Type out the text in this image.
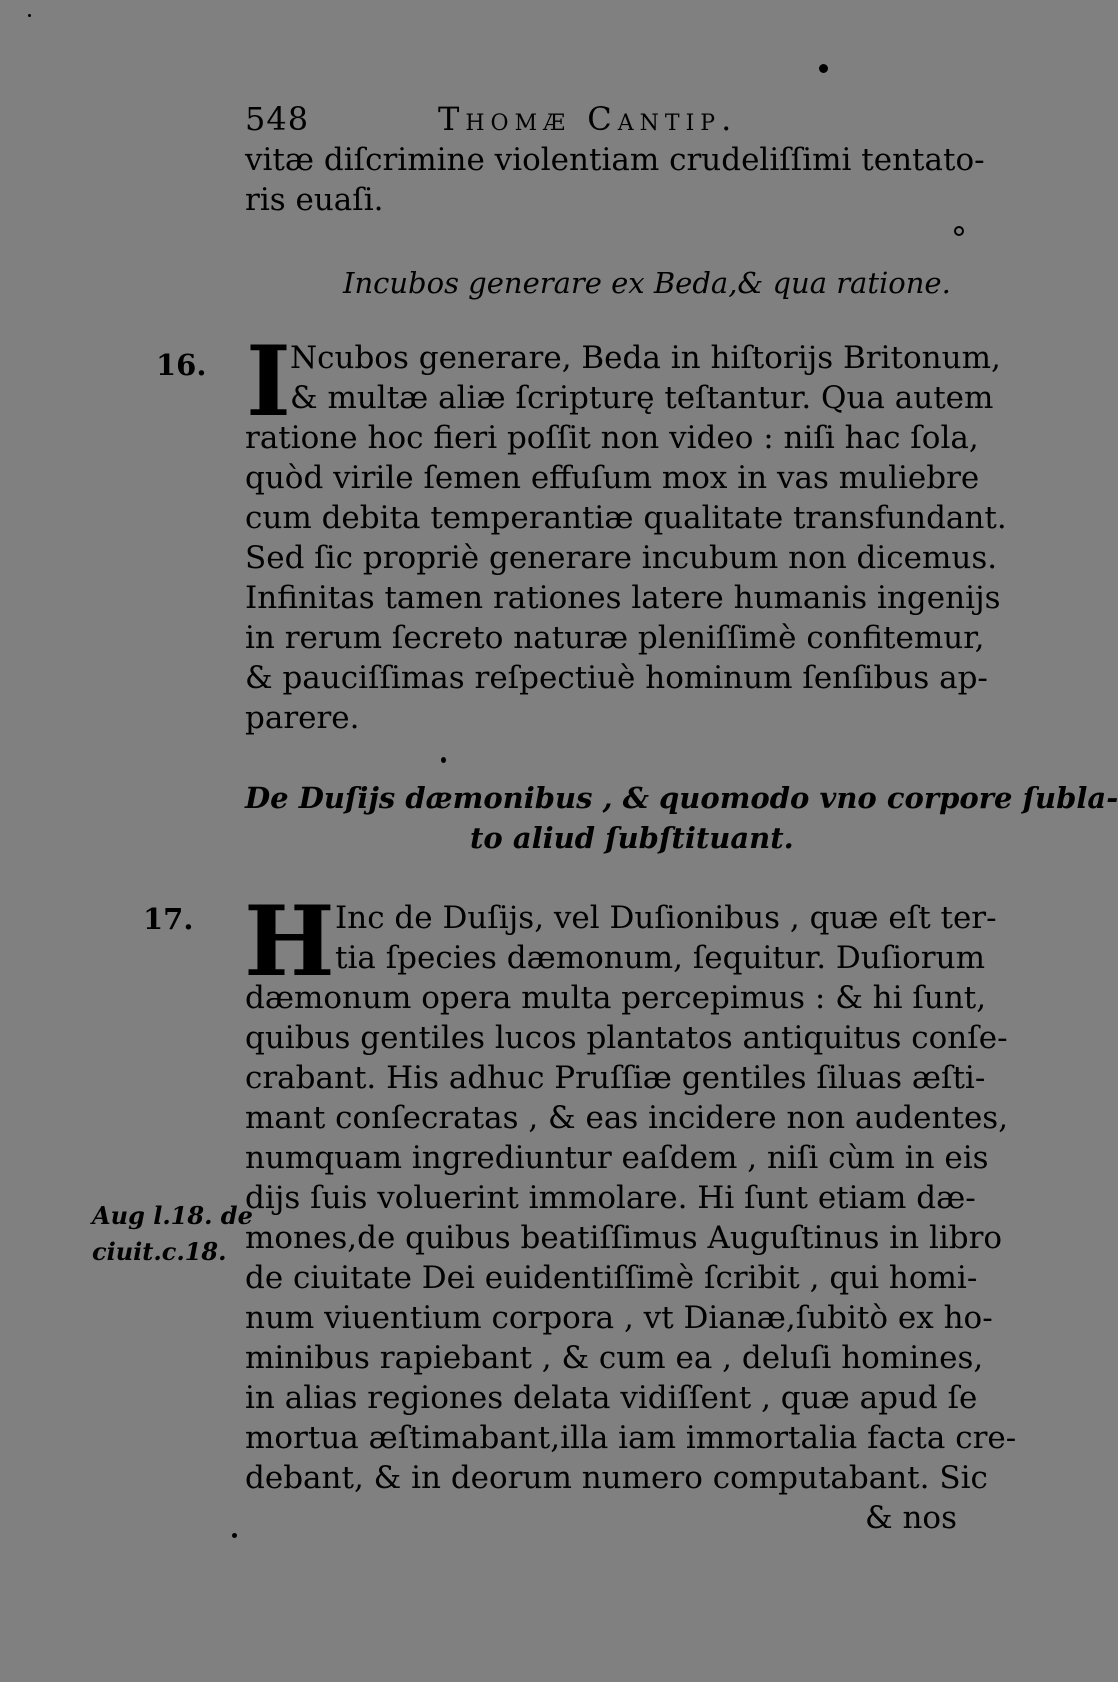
548	Thomæ Cantip.
vitæ diſcrimine violentiam crudeliſſimi tentato-
ris euaſi.
Incubos generare ex Beda,& qua ratione.
16. I Ncubos generare, Beda in hiſtorijs Britonum,
& multæ aliæ ſcripturę teſtantur. Qua autem
ratione hoc fieri poſſit non video : niſi hac ſola,
quòd virile ſemen effuſum mox in vas muliebre
cum debita temperantiæ qualitate transfundant.
Sed ſic propriè generare incubum non dicemus.
Infinitas tamen rationes latere humanis ingenijs
in rerum ſecreto naturæ pleniſſimè confitemur,
& pauciſſimas reſpectiuè hominum ſenſibus ap-
parere.
De Duſijs dæmonibus , & quomodo vno corpore ſubla-
to aliud ſubſtituant.
17. H
Aug l.18. de
ciuit.c.18.
Inc de Duſijs, vel Duſionibus , quæ eſt ter-
tia ſpecies dæmonum, ſequitur. Duſiorum
dæmonum opera multa percepimus : & hi ſunt,
quibus gentiles lucos plantatos antiquitus conſe-
crabant. His adhuc Pruſſiæ gentiles ſiluas æſti-
mant conſecratas , & eas incidere non audentes,
numquam ingrediuntur eaſdem , niſi cùm in eis
dijs ſuis voluerint immolare. Hi ſunt etiam dæ-
mones,de quibus beatiſſimus Auguſtinus in libro
de ciuitate Dei euidentiſſimè ſcribit , qui homi-
num viuentium corpora , vt Dianæ,ſubitò ex ho-
minibus rapiebant , & cum ea , deluſi homines,
in alias regiones delata vidiſſent , quæ apud ſe
mortua æſtimabant,illa iam immortalia facta cre-
debant, & in deorum numero computabant. Sic
& nos
